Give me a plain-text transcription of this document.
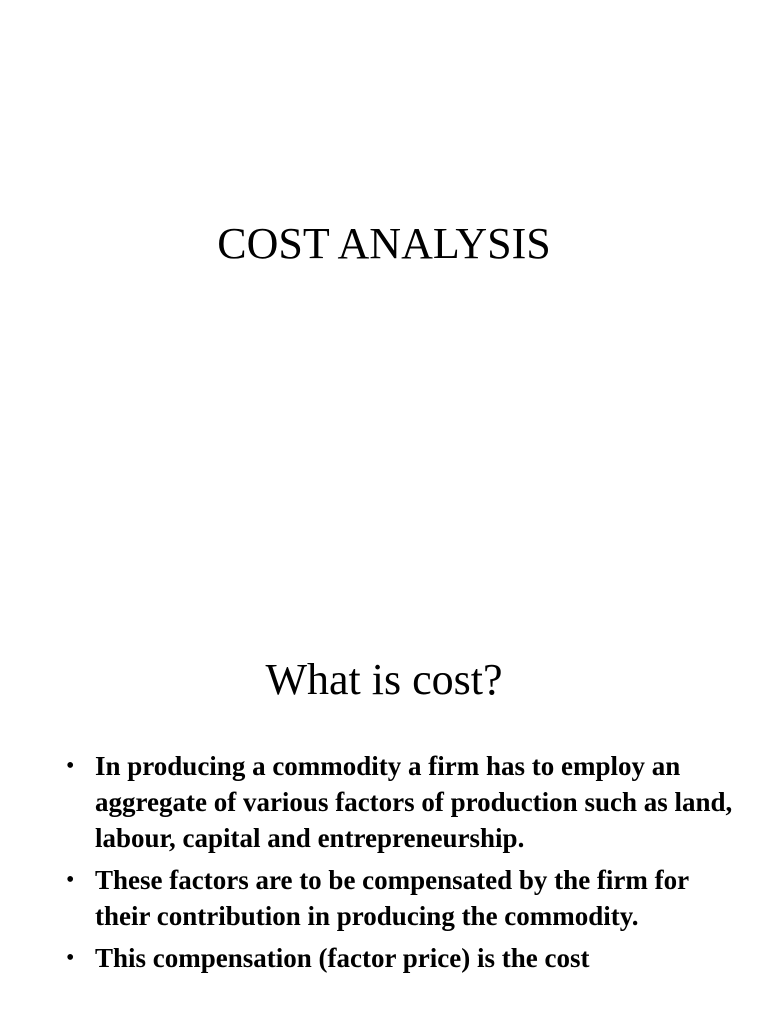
COST ANALYSIS
What is cost?
• In producing a commodity a firm has to employ an aggregate of various factors of production such as land, labour, capital and entrepreneurship.
• These factors are to be compensated by the firm for their contribution in producing the commodity.
• This compensation (factor price) is the cost
